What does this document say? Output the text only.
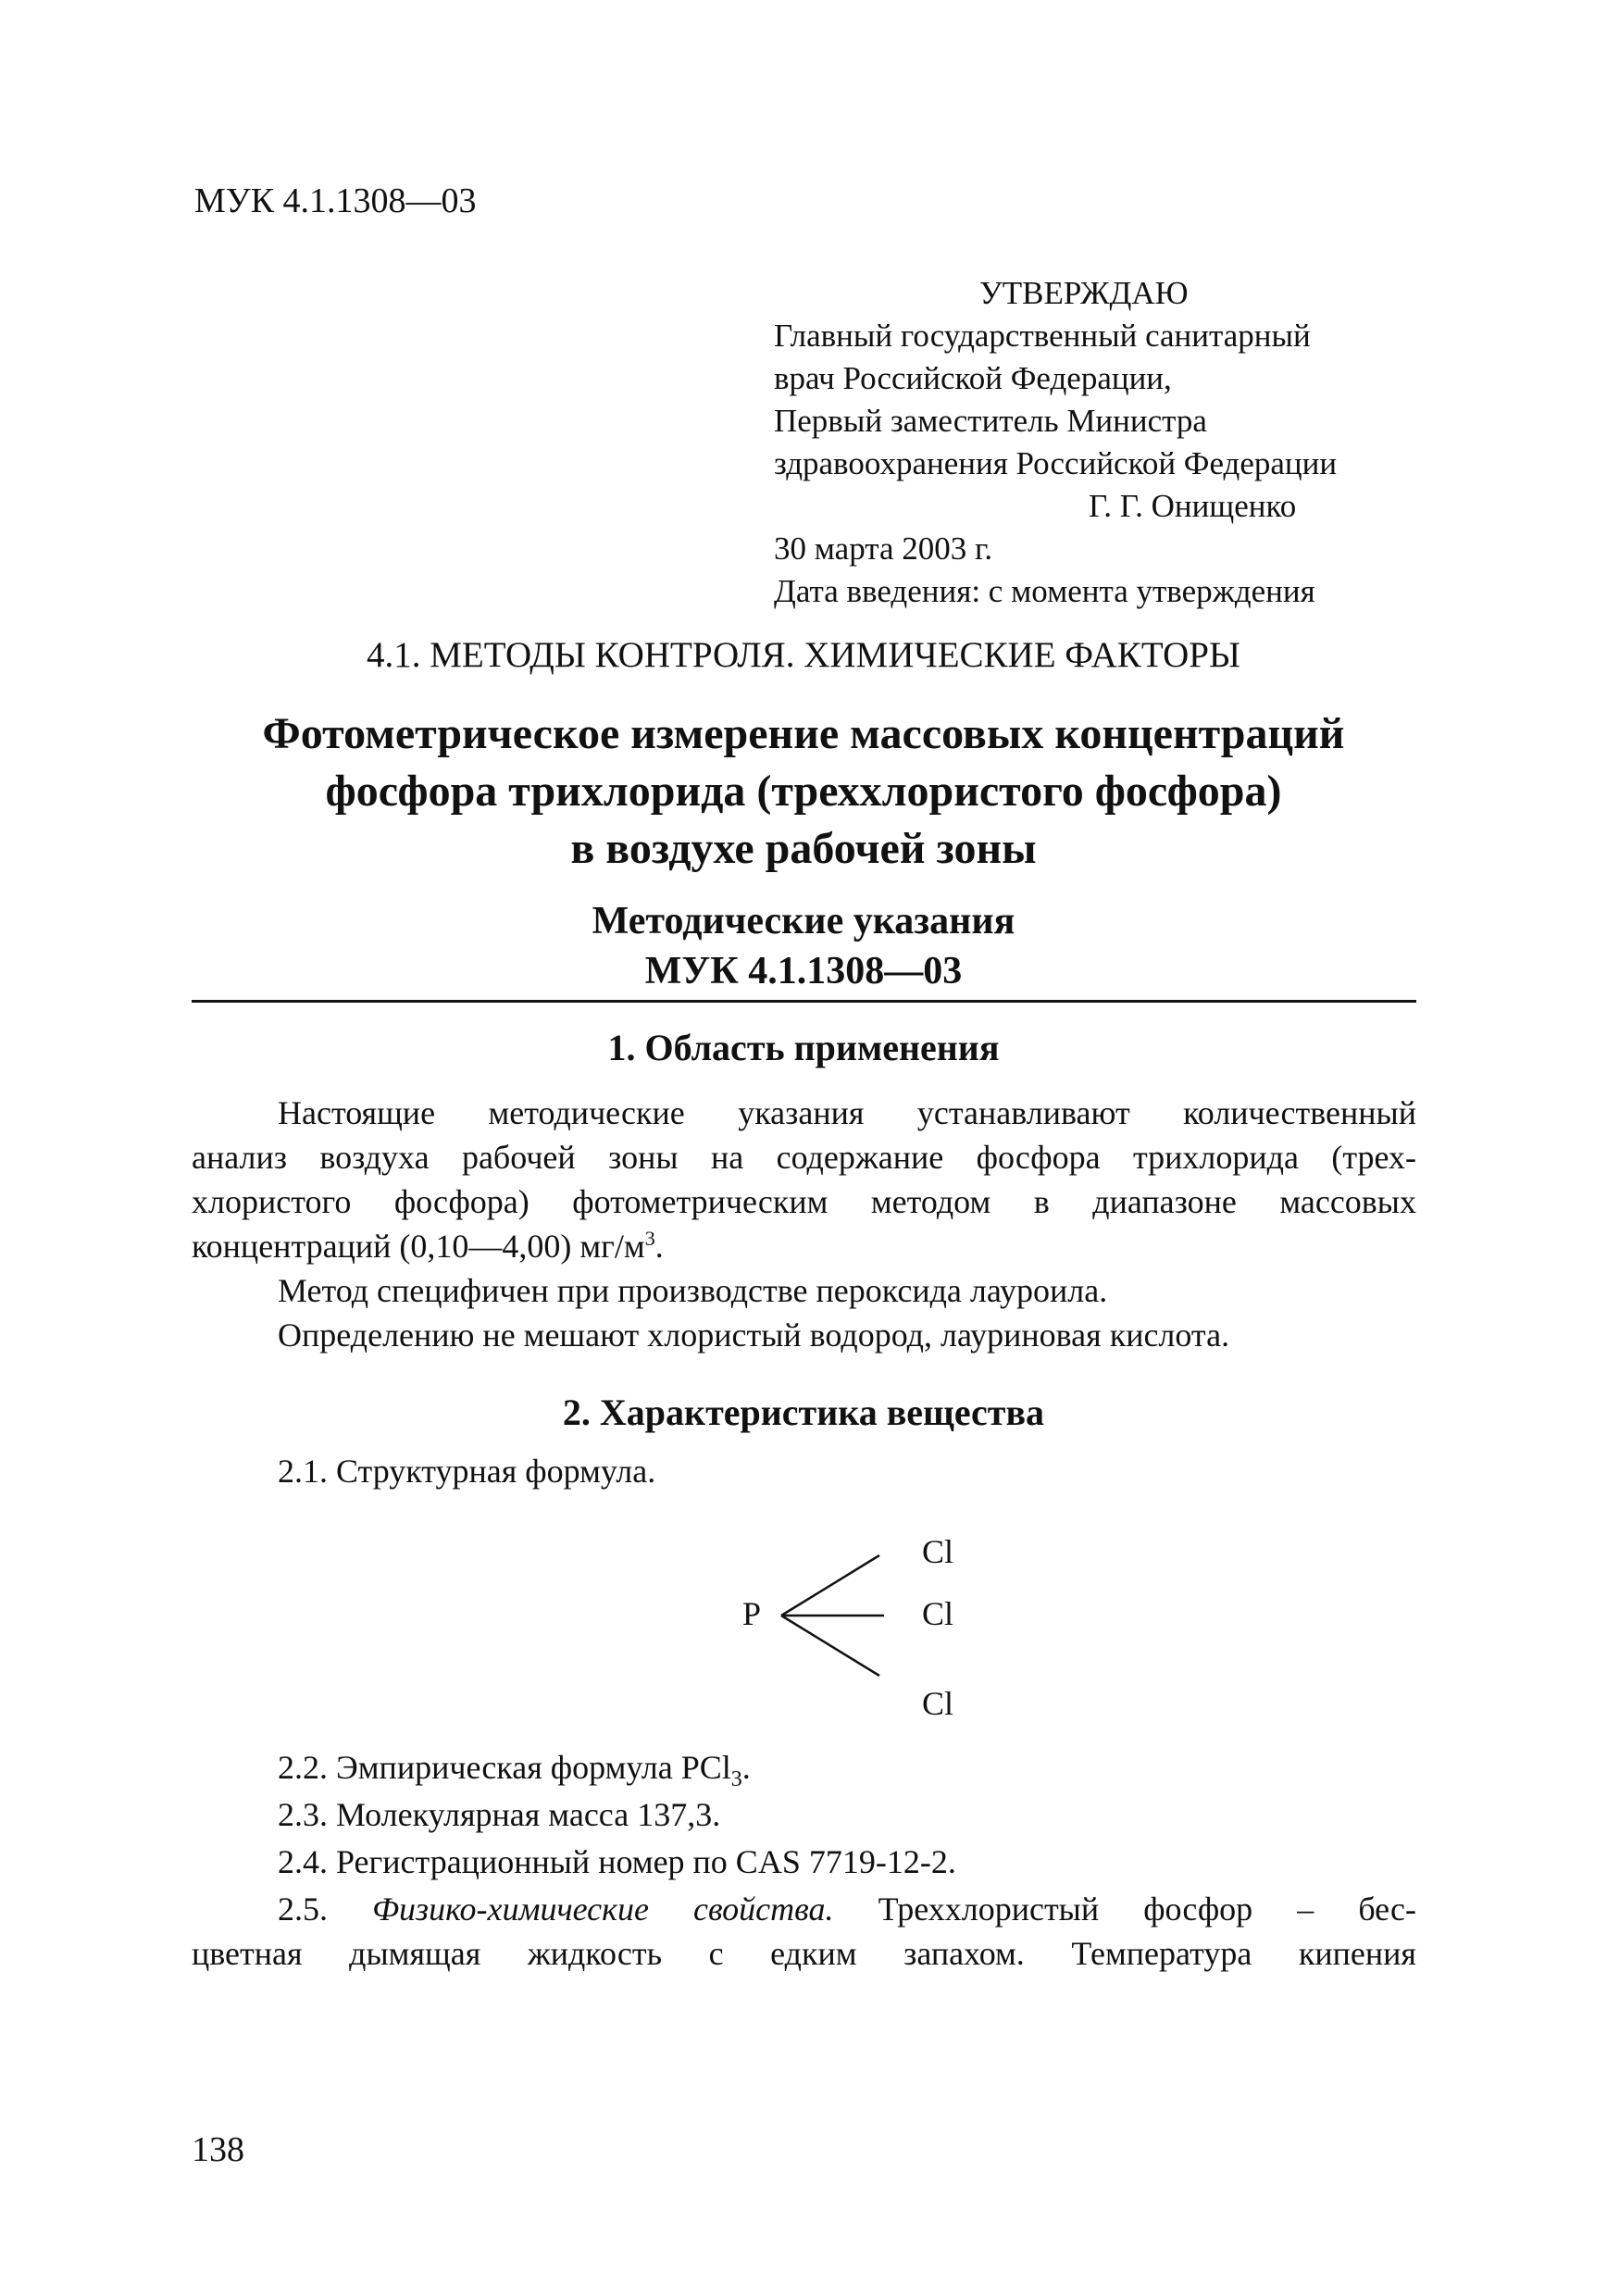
МУК 4.1.1308—03
УТВЕРЖДАЮ
Главный государственный санитарный
врач Российской Федерации,
Первый заместитель Министра
здравоохранения Российской Федерации
Г. Г. Онищенко
30 марта 2003 г.
Дата введения: с момента утверждения
4.1. МЕТОДЫ КОНТРОЛЯ. ХИМИЧЕСКИЕ ФАКТОРЫ
Фотометрическое измерение массовых концентраций
фосфора трихлорида (треххлористого фосфора)
в воздухе рабочей зоны
Методические указания
МУК 4.1.1308—03
1. Область применения
Настоящие методические указания устанавливают количественный
анализ воздуха рабочей зоны на содержание фосфора трихлорида (трех-
хлористого фосфора) фотометрическим методом в диапазоне массовых
концентраций (0,10—4,00) $мг/м^3$.
Метод специфичен при производстве пероксида лауроила.
Определению не мешают хлористый водород, лауриновая кислота.
2. Характеристика вещества
2.1. Структурная формула.
P
Cl
Cl
Cl
2.2. Эмпирическая формула PCl$_3$.
2.3. Молекулярная масса 137,3.
2.4. Регистрационный номер по CAS 7719-12-2.
2.5. Физико-химические свойства. Треххлористый фосфор – бес-
цветная дымящая жидкость с едким запахом. Температура кипения
138
